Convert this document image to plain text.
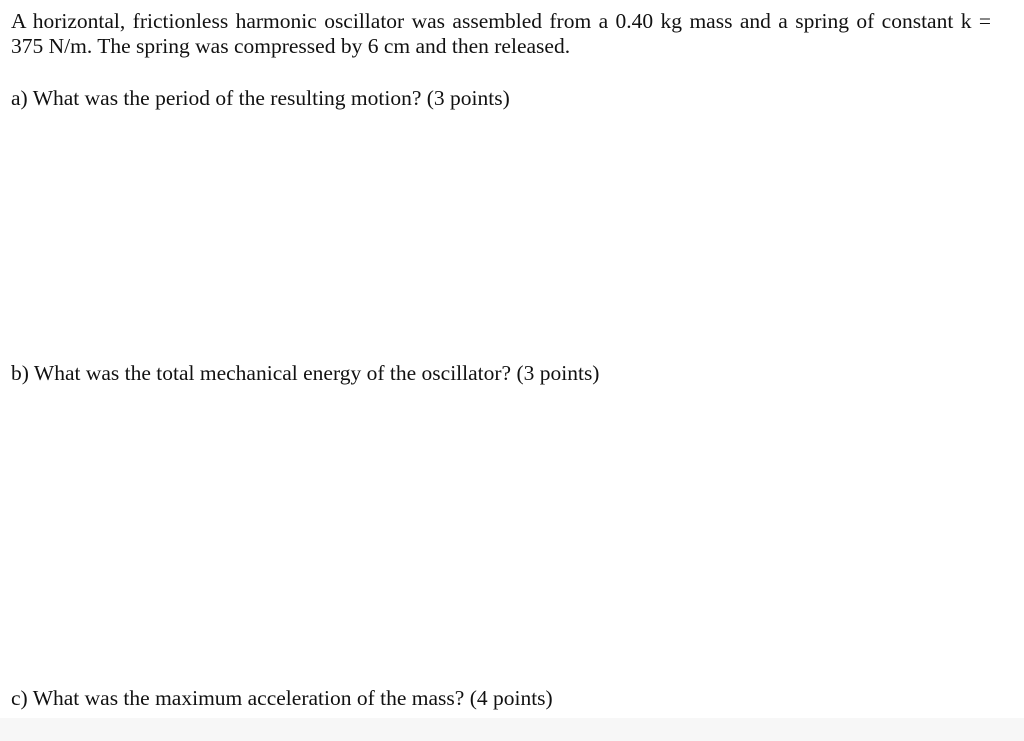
A horizontal, frictionless harmonic oscillator was assembled from a 0.40 kg mass and a spring of constant k = 375 N/m. The spring was compressed by 6 cm and then released.

a) What was the period of the resulting motion? (3 points)

b) What was the total mechanical energy of the oscillator? (3 points)

c) What was the maximum acceleration of the mass? (4 points)
